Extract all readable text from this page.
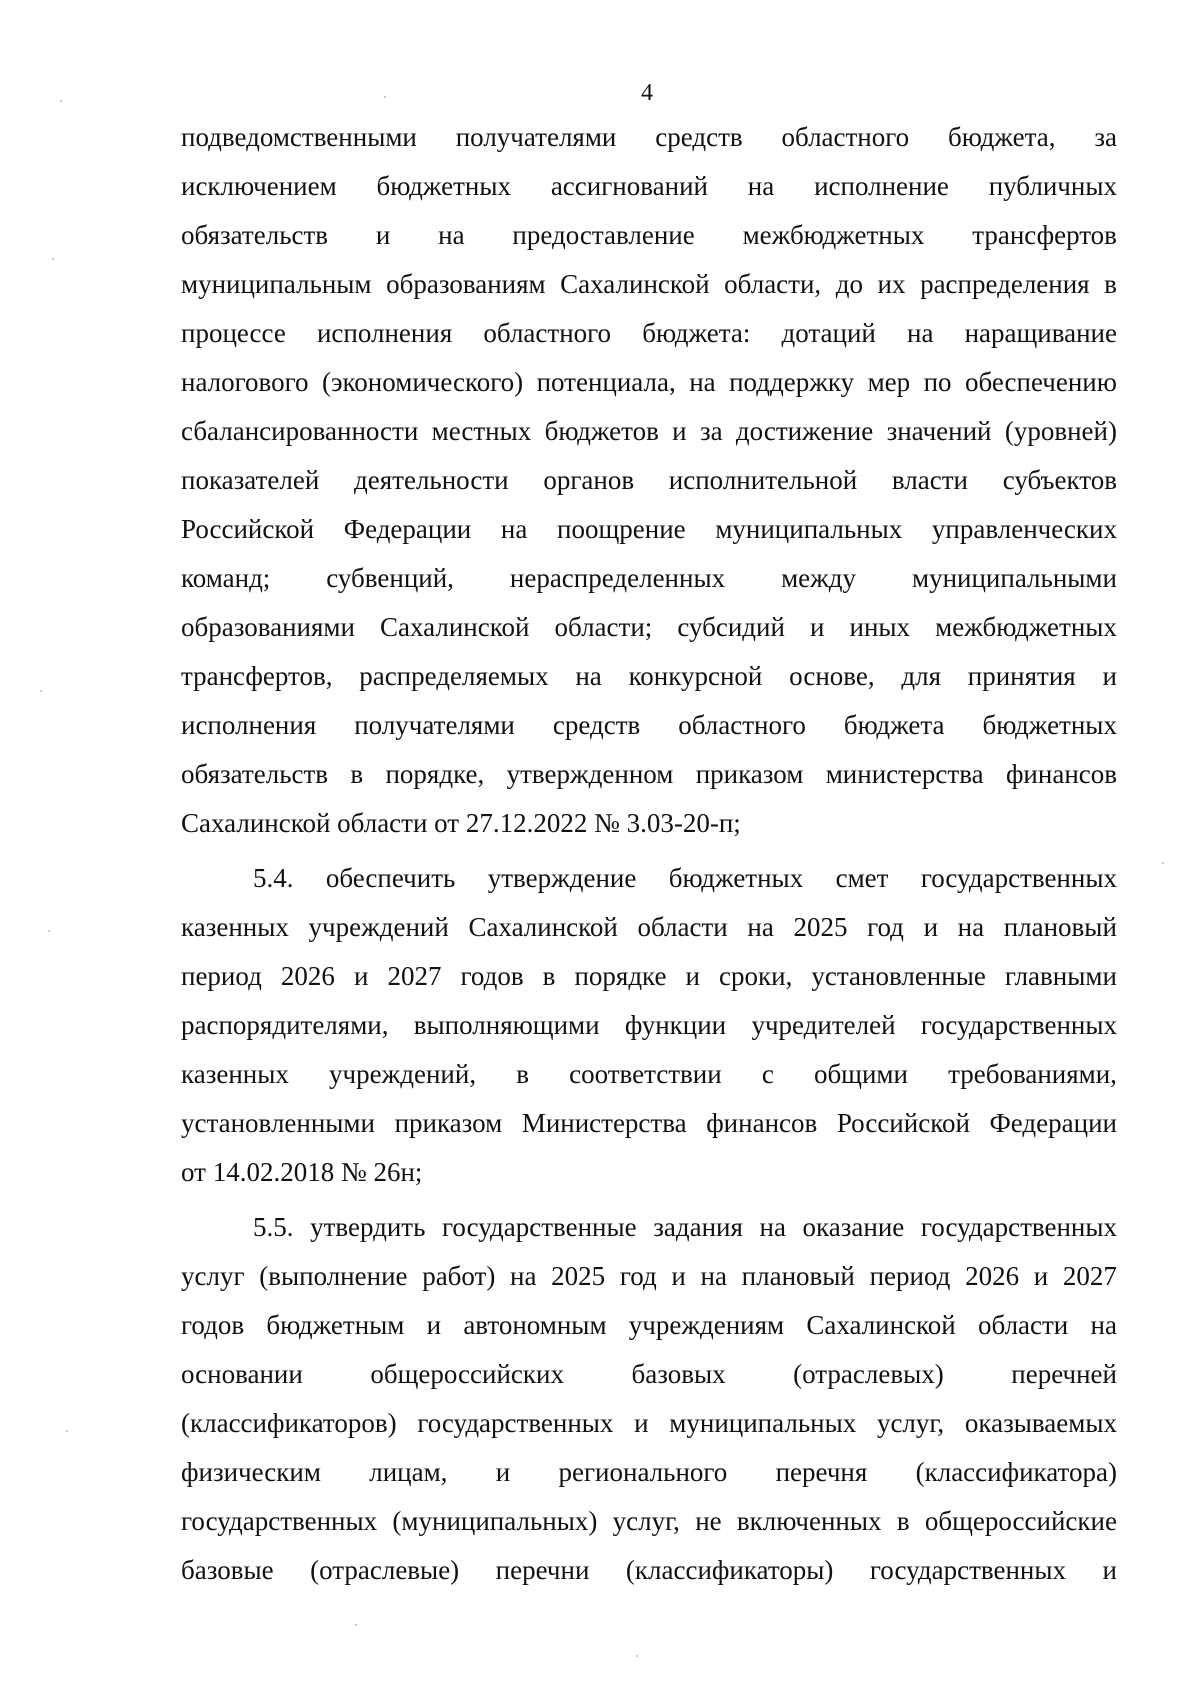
4
подведомственными получателями средств областного бюджета, за
исключением бюджетных ассигнований на исполнение публичных
обязательств и на предоставление межбюджетных трансфертов
муниципальным образованиям Сахалинской области, до их распределения в
процессе исполнения областного бюджета: дотаций на наращивание
налогового (экономического) потенциала, на поддержку мер по обеспечению
сбалансированности местных бюджетов и за достижение значений (уровней)
показателей деятельности органов исполнительной власти субъектов
Российской Федерации на поощрение муниципальных управленческих
команд; субвенций, нераспределенных между муниципальными
образованиями Сахалинской области; субсидий и иных межбюджетных
трансфертов, распределяемых на конкурсной основе, для принятия и
исполнения получателями средств областного бюджета бюджетных
обязательств в порядке, утвержденном приказом министерства финансов
Сахалинской области от 27.12.2022 № 3.03-20-п;
5.4. обеспечить утверждение бюджетных смет государственных
казенных учреждений Сахалинской области на 2025 год и на плановый
период 2026 и 2027 годов в порядке и сроки, установленные главными
распорядителями, выполняющими функции учредителей государственных
казенных учреждений, в соответствии с общими требованиями,
установленными приказом Министерства финансов Российской Федерации
от 14.02.2018 № 26н;
5.5. утвердить государственные задания на оказание государственных
услуг (выполнение работ) на 2025 год и на плановый период 2026 и 2027
годов бюджетным и автономным учреждениям Сахалинской области на
основании	общероссийских	базовых	(отраслевых)	перечней
(классификаторов) государственных и муниципальных услуг, оказываемых
физическим лицам, и регионального перечня (классификатора)
государственных (муниципальных) услуг, не включенных в общероссийские
базовые (отраслевые) перечни (классификаторы) государственных и
